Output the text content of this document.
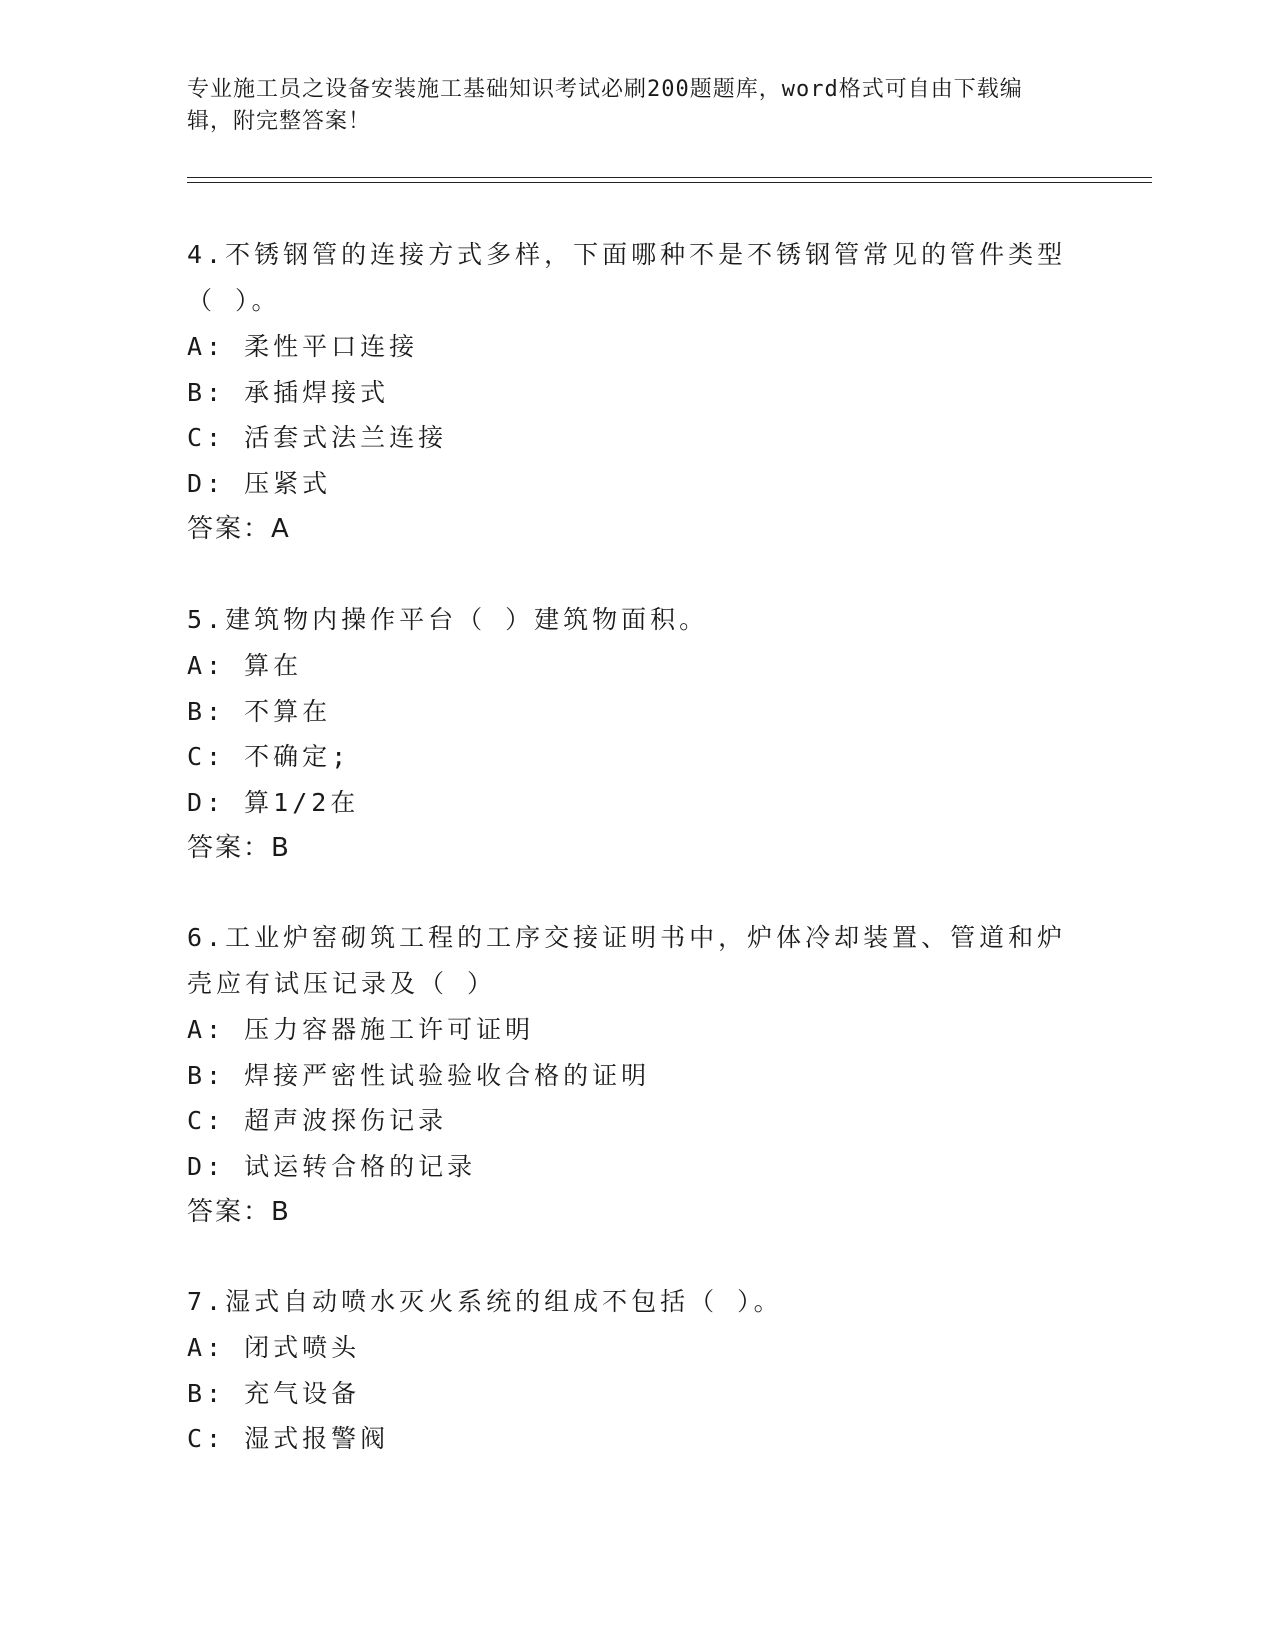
专业施工员之设备安装施工基础知识考试必刷200题题库，word格式可自由下载编辑，附完整答案！

4.不锈钢管的连接方式多样，下面哪种不是不锈钢管常见的管件类型（ ）。

A: 柔性平口连接

B: 承插焊接式

C: 活套式法兰连接

D: 压紧式

答案：A

5.建筑物内操作平台（ ）建筑物面积。

A: 算在

B: 不算在

C: 不确定;

D: 算1/2在

答案：B

6.工业炉窑砌筑工程的工序交接证明书中，炉体冷却装置、管道和炉壳应有试压记录及（ ）

A: 压力容器施工许可证明

B: 焊接严密性试验验收合格的证明

C: 超声波探伤记录

D: 试运转合格的记录

答案：B

7.湿式自动喷水灭火系统的组成不包括（ ）。

A: 闭式喷头

B: 充气设备

C: 湿式报警阀
